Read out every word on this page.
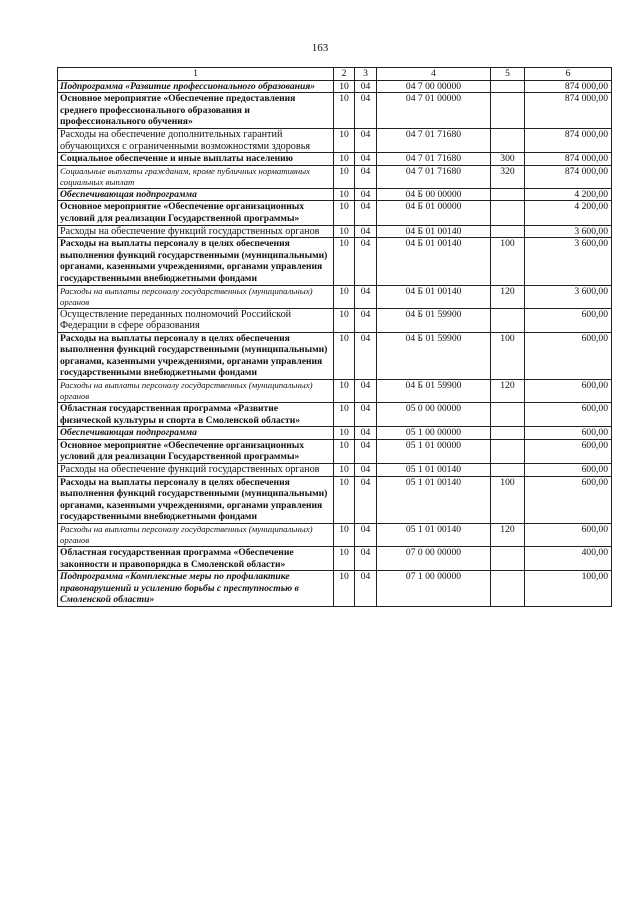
163
1	2	3	4	5	6
Подпрограмма «Развитие профессионального образования»	10	04	04 7 00 00000		874 000,00
Основное мероприятие «Обеспечение предоставления среднего профессионального образования и профессионального обучения»	10	04	04 7 01 00000		874 000,00
Расходы на обеспечение дополнительных гарантий обучающихся с ограниченными возможностями здоровья	10	04	04 7 01 71680		874 000,00
Социальное обеспечение и иные выплаты населению	10	04	04 7 01 71680	300	874 000,00
Социальные выплаты гражданам, кроме публичных нормативных социальных выплат	10	04	04 7 01 71680	320	874 000,00
Обеспечивающая подпрограмма	10	04	04 Б 00 00000		4 200,00
Основное мероприятие «Обеспечение организационных условий для реализации Государственной программы»	10	04	04 Б 01 00000		4 200,00
Расходы на обеспечение функций государственных органов	10	04	04 Б 01 00140		3 600,00
Расходы на выплаты персоналу в целях обеспечения выполнения функций государственными (муниципальными) органами, казенными учреждениями, органами управления государственными внебюджетными фондами	10	04	04 Б 01 00140	100	3 600,00
Расходы на выплаты персоналу государственных (муниципальных) органов	10	04	04 Б 01 00140	120	3 600,00
Осуществление переданных полномочий Российской Федерации в сфере образования	10	04	04 Б 01 59900		600,00
Расходы на выплаты персоналу в целях обеспечения выполнения функций государственными (муниципальными) органами, казенными учреждениями, органами управления государственными внебюджетными фондами	10	04	04 Б 01 59900	100	600,00
Расходы на выплаты персоналу государственных (муниципальных) органов	10	04	04 Б 01 59900	120	600,00
Областная государственная программа «Развитие физической культуры и спорта в Смоленской области»	10	04	05 0 00 00000		600,00
Обеспечивающая подпрограмма	10	04	05 1 00 00000		600,00
Основное мероприятие «Обеспечение организационных условий для реализации Государственной программы»	10	04	05 1 01 00000		600,00
Расходы на обеспечение функций государственных органов	10	04	05 1 01 00140		600,00
Расходы на выплаты персоналу в целях обеспечения выполнения функций государственными (муниципальными) органами, казенными учреждениями, органами управления государственными внебюджетными фондами	10	04	05 1 01 00140	100	600,00
Расходы на выплаты персоналу государственных (муниципальных) органов	10	04	05 1 01 00140	120	600,00
Областная государственная программа «Обеспечение законности и правопорядка в Смоленской области»	10	04	07 0 00 00000		400,00
Подпрограмма «Комплексные меры по профилактике правонарушений и усилению борьбы с преступностью в Смоленской области»	10	04	07 1 00 00000		100,00
